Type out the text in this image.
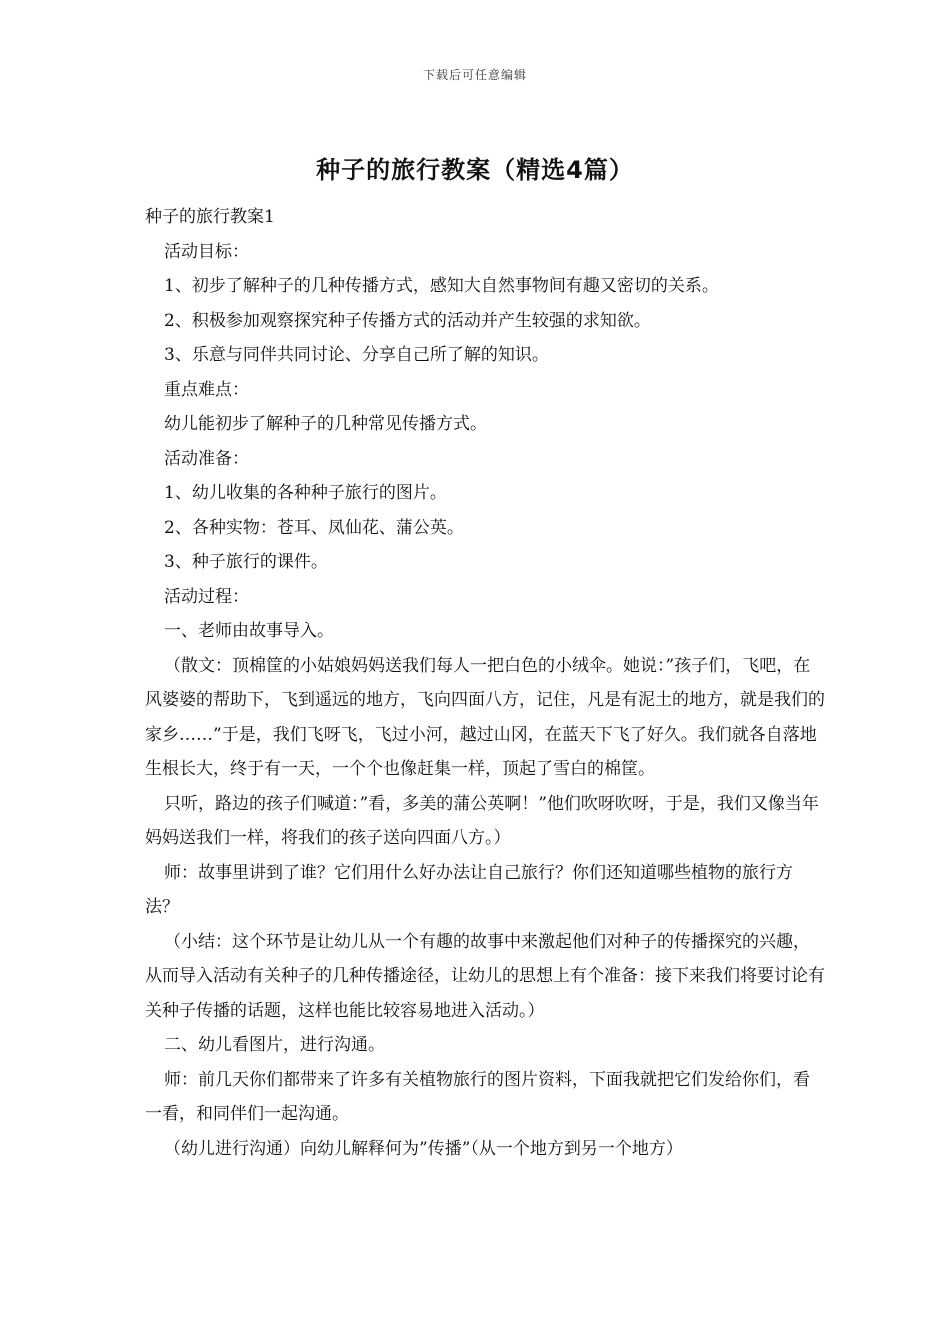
下载后可任意编辑
种子的旅行教案（精选4篇）

种子的旅行教案1

活动目标：

1、初步了解种子的几种传播方式，感知大自然事物间有趣又密切的关系。

2、积极参加观察探究种子传播方式的活动并产生较强的求知欲。

3、乐意与同伴共同讨论、分享自己所了解的知识。

重点难点：

幼儿能初步了解种子的几种常见传播方式。

活动准备：

1、幼儿收集的各种种子旅行的图片。

2、各种实物：苍耳、凤仙花、蒲公英。

3、种子旅行的课件。

活动过程：

一、老师由故事导入。

（散文：顶棉筐的小姑娘妈妈送我们每人一把白色的小绒伞。她说：”孩子们，飞吧，在风婆婆的帮助下，飞到遥远的地方，飞向四面八方，记住，凡是有泥土的地方，就是我们的家乡……”于是，我们飞呀飞，飞过小河，越过山冈，在蓝天下飞了好久。我们就各自落地生根长大，终于有一天，一个个也像赶集一样，顶起了雪白的棉筐。

只听，路边的孩子们喊道：”看，多美的蒲公英啊！”他们吹呀吹呀，于是，我们又像当年妈妈送我们一样，将我们的孩子送向四面八方。）

师：故事里讲到了谁？它们用什么好办法让自己旅行？你们还知道哪些植物的旅行方法？

（小结：这个环节是让幼儿从一个有趣的故事中来激起他们对种子的传播探究的兴趣，从而导入活动有关种子的几种传播途径，让幼儿的思想上有个准备：接下来我们将要讨论有关种子传播的话题，这样也能比较容易地进入活动。）

二、幼儿看图片，进行沟通。

师：前几天你们都带来了许多有关植物旅行的图片资料，下面我就把它们发给你们，看一看，和同伴们一起沟通。

（幼儿进行沟通）向幼儿解释何为”传播”（从一个地方到另一个地方）
